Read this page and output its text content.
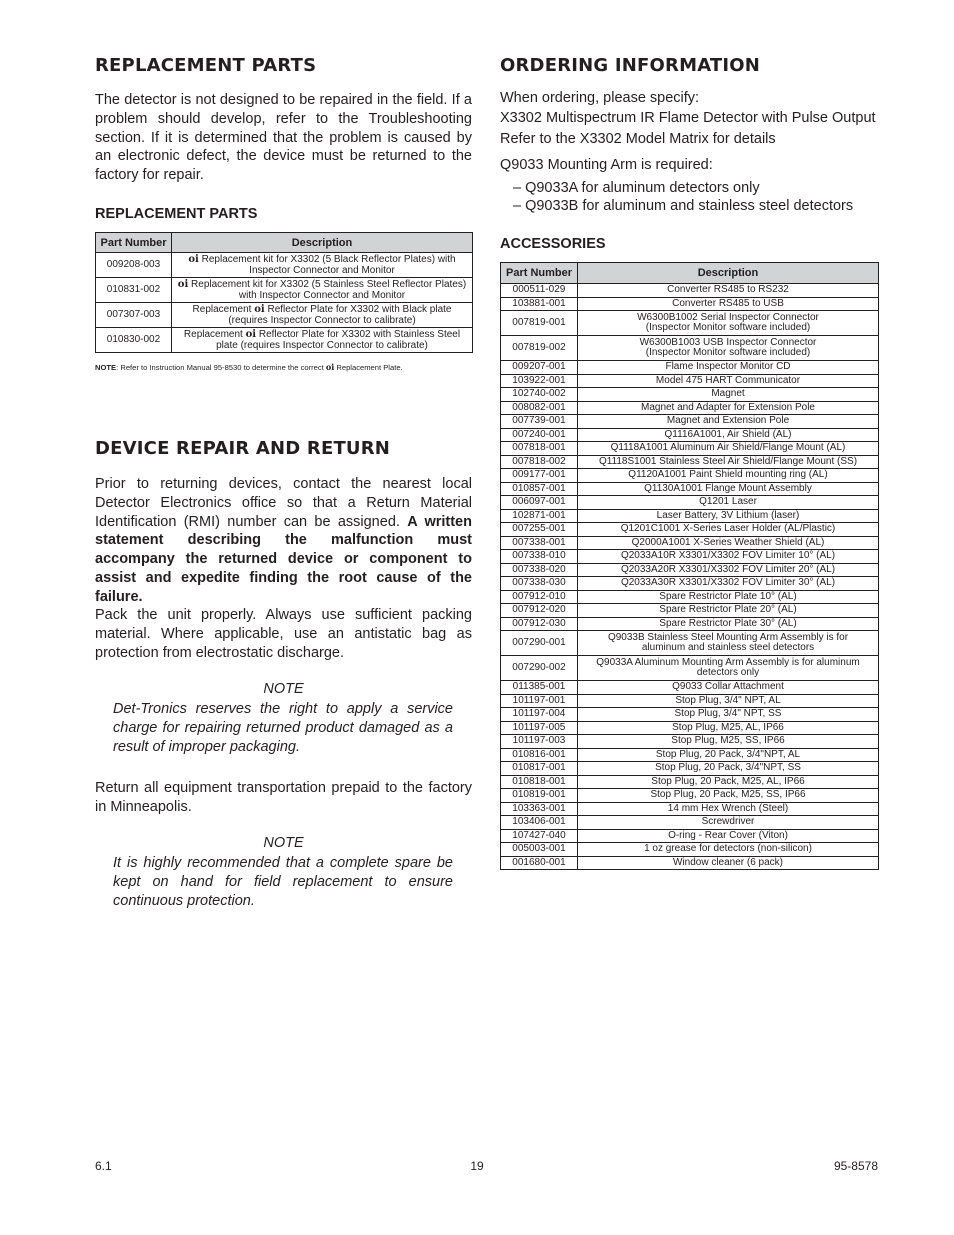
REPLACEMENT PARTS

The detector is not designed to be repaired in the field. If a problem should develop, refer to the Troubleshooting section. If it is determined that the problem is caused by an electronic defect, the device must be returned to the factory for repair.

REPLACEMENT PARTS
Part Number	Description
009208-003	oi Replacement kit for X3302 (5 Black Reflector Plates) with Inspector Connector and Monitor
010831-002	oi Replacement kit for X3302 (5 Stainless Steel Reflector Plates) with Inspector Connector and Monitor
007307-003	Replacement oi Reflector Plate for X3302 with Black plate (requires Inspector Connector to calibrate)
010830-002	Replacement oi Reflector Plate for X3302 with Stainless Steel plate (requires Inspector Connector to calibrate)

NOTE: Refer to Instruction Manual 95-8530 to determine the correct oi Replacement Plate.

DEVICE REPAIR AND RETURN

Prior to returning devices, contact the nearest local Detector Electronics office so that a Return Material Identification (RMI) number can be assigned. A written statement describing the malfunction must accompany the returned device or component to assist and expedite finding the root cause of the failure.

Pack the unit properly. Always use sufficient packing material. Where applicable, use an antistatic bag as protection from electrostatic discharge.

NOTE

Det-Tronics reserves the right to apply a service charge for repairing returned product damaged as a result of improper packaging.

Return all equipment transportation prepaid to the factory in Minneapolis.

NOTE

It is highly recommended that a complete spare be kept on hand for field replacement to ensure continuous protection.

ORDERING INFORMATION

When ordering, please specify:

X3302 Multispectrum IR Flame Detector with Pulse Output

Refer to the X3302 Model Matrix for details

Q9033 Mounting Arm is required:

– Q9033A for aluminum detectors only

– Q9033B for aluminum and stainless steel detectors

ACCESSORIES
Part Number	Description
000511-029	Converter RS485 to RS232
103881-001	Converter RS485 to USB
007819-001	W6300B1002 Serial Inspector Connector
(Inspector Monitor software included)
007819-002	W6300B1003 USB Inspector Connector
(Inspector Monitor software included)
009207-001	Flame Inspector Monitor CD
103922-001	Model 475 HART Communicator
102740-002	Magnet
008082-001	Magnet and Adapter for Extension Pole
007739-001	Magnet and Extension Pole
007240-001	Q1116A1001, Air Shield (AL)
007818-001	Q1118A1001 Aluminum Air Shield/Flange Mount (AL)
007818-002	Q1118S1001 Stainless Steel Air Shield/Flange Mount (SS)
009177-001	Q1120A1001 Paint Shield mounting ring (AL)
010857-001	Q1130A1001 Flange Mount Assembly
006097-001	Q1201 Laser
102871-001	Laser Battery, 3V Lithium (laser)
007255-001	Q1201C1001 X-Series Laser Holder (AL/Plastic)
007338-001	Q2000A1001 X-Series Weather Shield (AL)
007338-010	Q2033A10R X3301/X3302 FOV Limiter 10° (AL)
007338-020	Q2033A20R X3301/X3302 FOV Limiter 20° (AL)
007338-030	Q2033A30R X3301/X3302 FOV Limiter 30° (AL)
007912-010	Spare Restrictor Plate 10° (AL)
007912-020	Spare Restrictor Plate 20° (AL)
007912-030	Spare Restrictor Plate 30° (AL)
007290-001	Q9033B Stainless Steel Mounting Arm Assembly is for
aluminum and stainless steel detectors
007290-002	Q9033A Aluminum Mounting Arm Assembly is for aluminum
detectors only
011385-001	Q9033 Collar Attachment
101197-001	Stop Plug, 3/4" NPT, AL
101197-004	Stop Plug, 3/4" NPT, SS
101197-005	Stop Plug, M25, AL, IP66
101197-003	Stop Plug, M25, SS, IP66
010816-001	Stop Plug, 20 Pack, 3/4"NPT, AL
010817-001	Stop Plug, 20 Pack, 3/4"NPT, SS
010818-001	Stop Plug, 20 Pack, M25, AL, IP66
010819-001	Stop Plug, 20 Pack, M25, SS, IP66
103363-001	14 mm Hex Wrench (Steel)
103406-001	Screwdriver
107427-040	O-ring - Rear Cover (Viton)
005003-001	1 oz grease for detectors (non-silicon)
001680-001	Window cleaner (6 pack)

6.1	19	95-8578
